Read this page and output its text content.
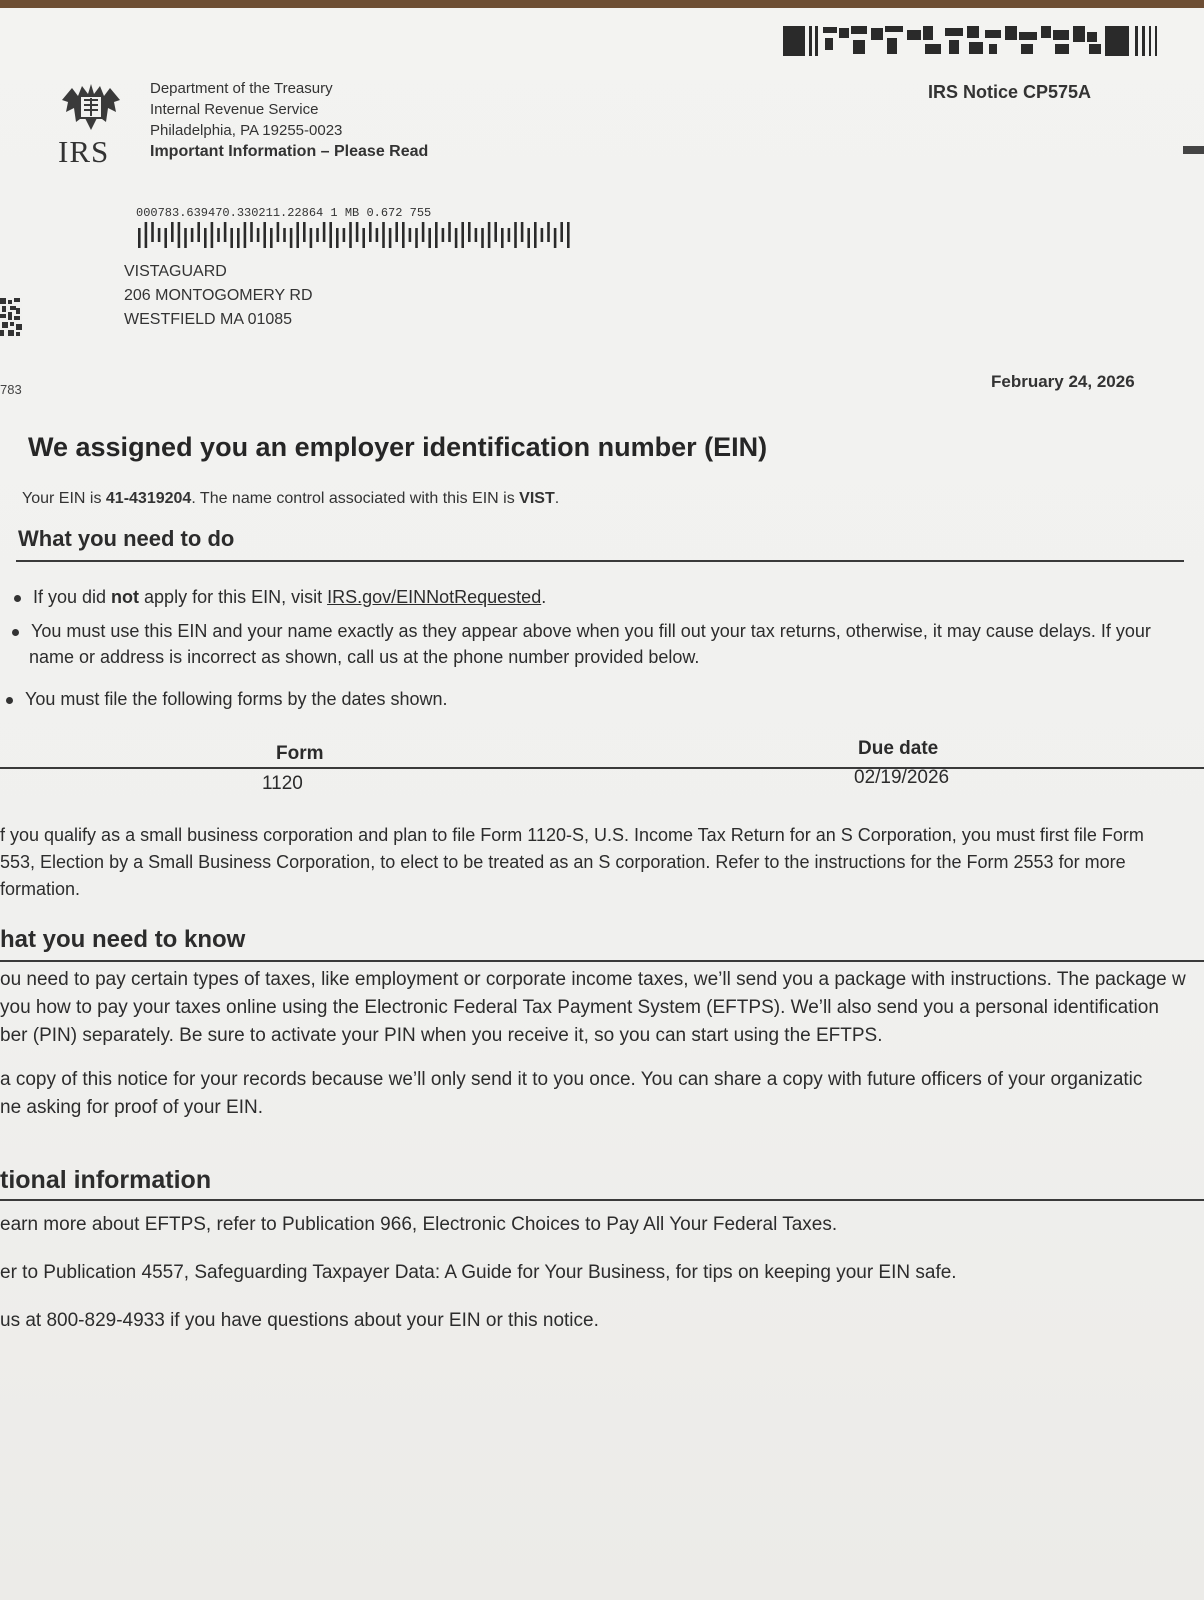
IRS
Department of the Treasury
Internal Revenue Service
Philadelphia, PA 19255-0023
Important Information – Please Read
IRS Notice CP575A
000783.639470.330211.22864 1 MB 0.672 755
VISTAGUARD
206 MONTOGOMERY RD
WESTFIELD MA 01085
783	February 24, 2026
We assigned you an employer identification number (EIN)
Your EIN is 41-4319204. The name control associated with this EIN is VIST.
What you need to do
If you did not apply for this EIN, visit IRS.gov/EINNotRequested.
You must use this EIN and your name exactly as they appear above when you fill out your tax returns, otherwise, it may cause delays. If your
name or address is incorrect as shown, call us at the phone number provided below.
You must file the following forms by the dates shown.
Form	Due date
1120	02/19/2026
f you qualify as a small business corporation and plan to file Form 1120-S, U.S. Income Tax Return for an S Corporation, you must first file Form
553, Election by a Small Business Corporation, to elect to be treated as an S corporation. Refer to the instructions for the Form 2553 for more
formation.
hat you need to know
ou need to pay certain types of taxes, like employment or corporate income taxes, we’ll send you a package with instructions. The package w
you how to pay your taxes online using the Electronic Federal Tax Payment System (EFTPS). We’ll also send you a personal identification
ber (PIN) separately. Be sure to activate your PIN when you receive it, so you can start using the EFTPS.
a copy of this notice for your records because we’ll only send it to you once. You can share a copy with future officers of your organizatic
ne asking for proof of your EIN.
tional information
earn more about EFTPS, refer to Publication 966, Electronic Choices to Pay All Your Federal Taxes.
er to Publication 4557, Safeguarding Taxpayer Data: A Guide for Your Business, for tips on keeping your EIN safe.
us at 800-829-4933 if you have questions about your EIN or this notice.
